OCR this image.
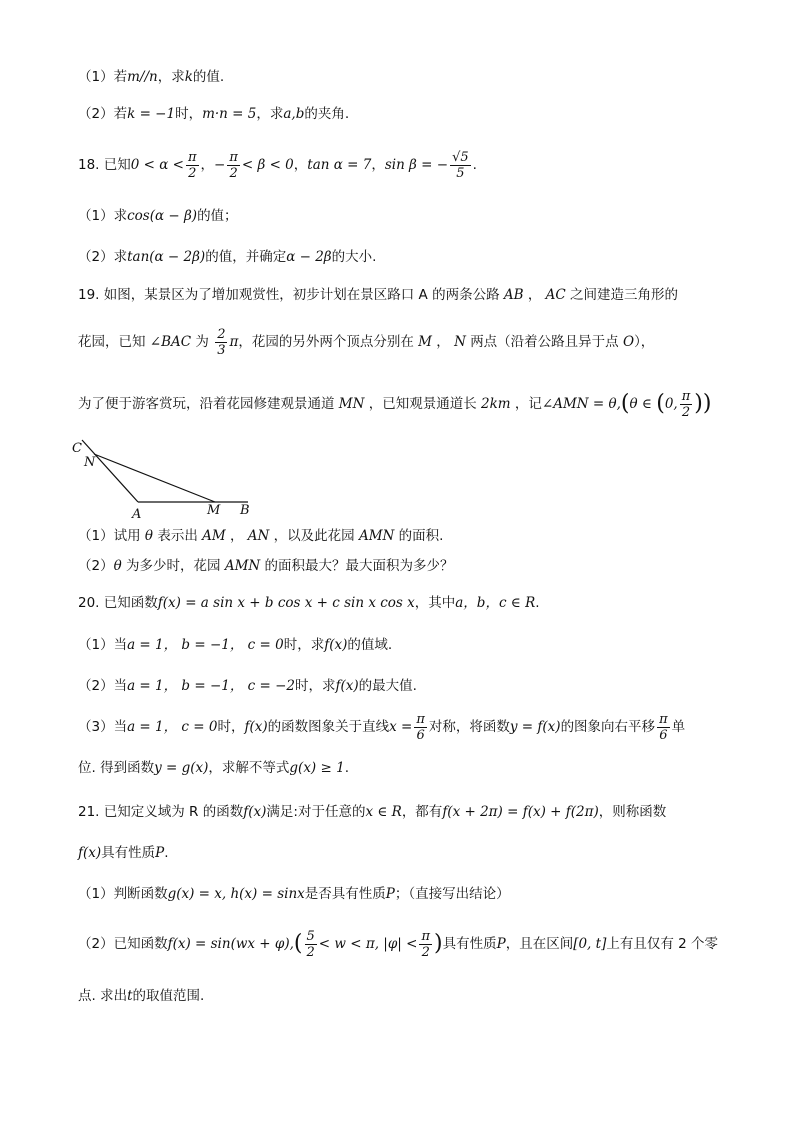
（1）若m//n，求k的值.
（2）若k = −1时，m·n = 5，求a,b的夹角.
18. 已知$0 < \alpha < \frac{\pi}{2}$ ，− $\frac{\pi}{2} < \beta < 0$，tan α = 7，sin β = − $\frac{√5}{5}$ .
（1）求cos(α − β)的值；
（2）求tan(α − 2β)的值，并确定α − 2β的大小.
19. 如图，某景区为了增加观赏性，初步计划在景区路口 A 的两条公路 AB ， AC 之间建造三角形的
花园，已知 ∠BAC 为 $\frac{2}{3}$ π，花园的另外两个顶点分别在 M ， N 两点（沿着公路且异于点 O），
为了便于游客赏玩，沿着花园修建观景通道 MN ，已知观景通道长 2km ，记∠AMN = θ,(θ ∈ (0, $\frac{\pi}{2}$ ))
C
N
A	M B
（1）试用 θ 表示出 AM ， AN ，以及此花园 AMN 的面积.
（2）θ 为多少时，花园 AMN 的面积最大？最大面积为多少？
20. 已知函数f(x) = a sin x + b cos x + c sin x cos x，其中a，b，c ∈ R.
（1）当a = 1， b = −1， c = 0时，求f(x)的值域.
（2）当a = 1， b = −1， c = −2时，求f(x)的最大值.
（3）当a = 1， c = 0时，f(x)的函数图象关于直线$x = \frac{\pi}{6}$ 对称，将函数y = f(x)的图象向右平移 $\frac{\pi}{6}$ 单
位. 得到函数y = g(x)，求解不等式g(x) ≥ 1.
21. 已知定义域为 R 的函数f(x)满足:对于任意的x ∈ R，都有f(x + 2π) = f(x) + f(2π)，则称函数
f(x)具有性质P.
（1）判断函数g(x) = x, h(x) = sinx是否具有性质P；（直接写出结论）
（2）已知函数$f(x) = \sin(wx + \varphi),( \frac{5}{2} < w < \pi$, $|\varphi| < \frac{\pi}{2}$ )具有性质P，且在区间[0, t]上有且仅有 2 个零
点. 求出t的取值范围.
